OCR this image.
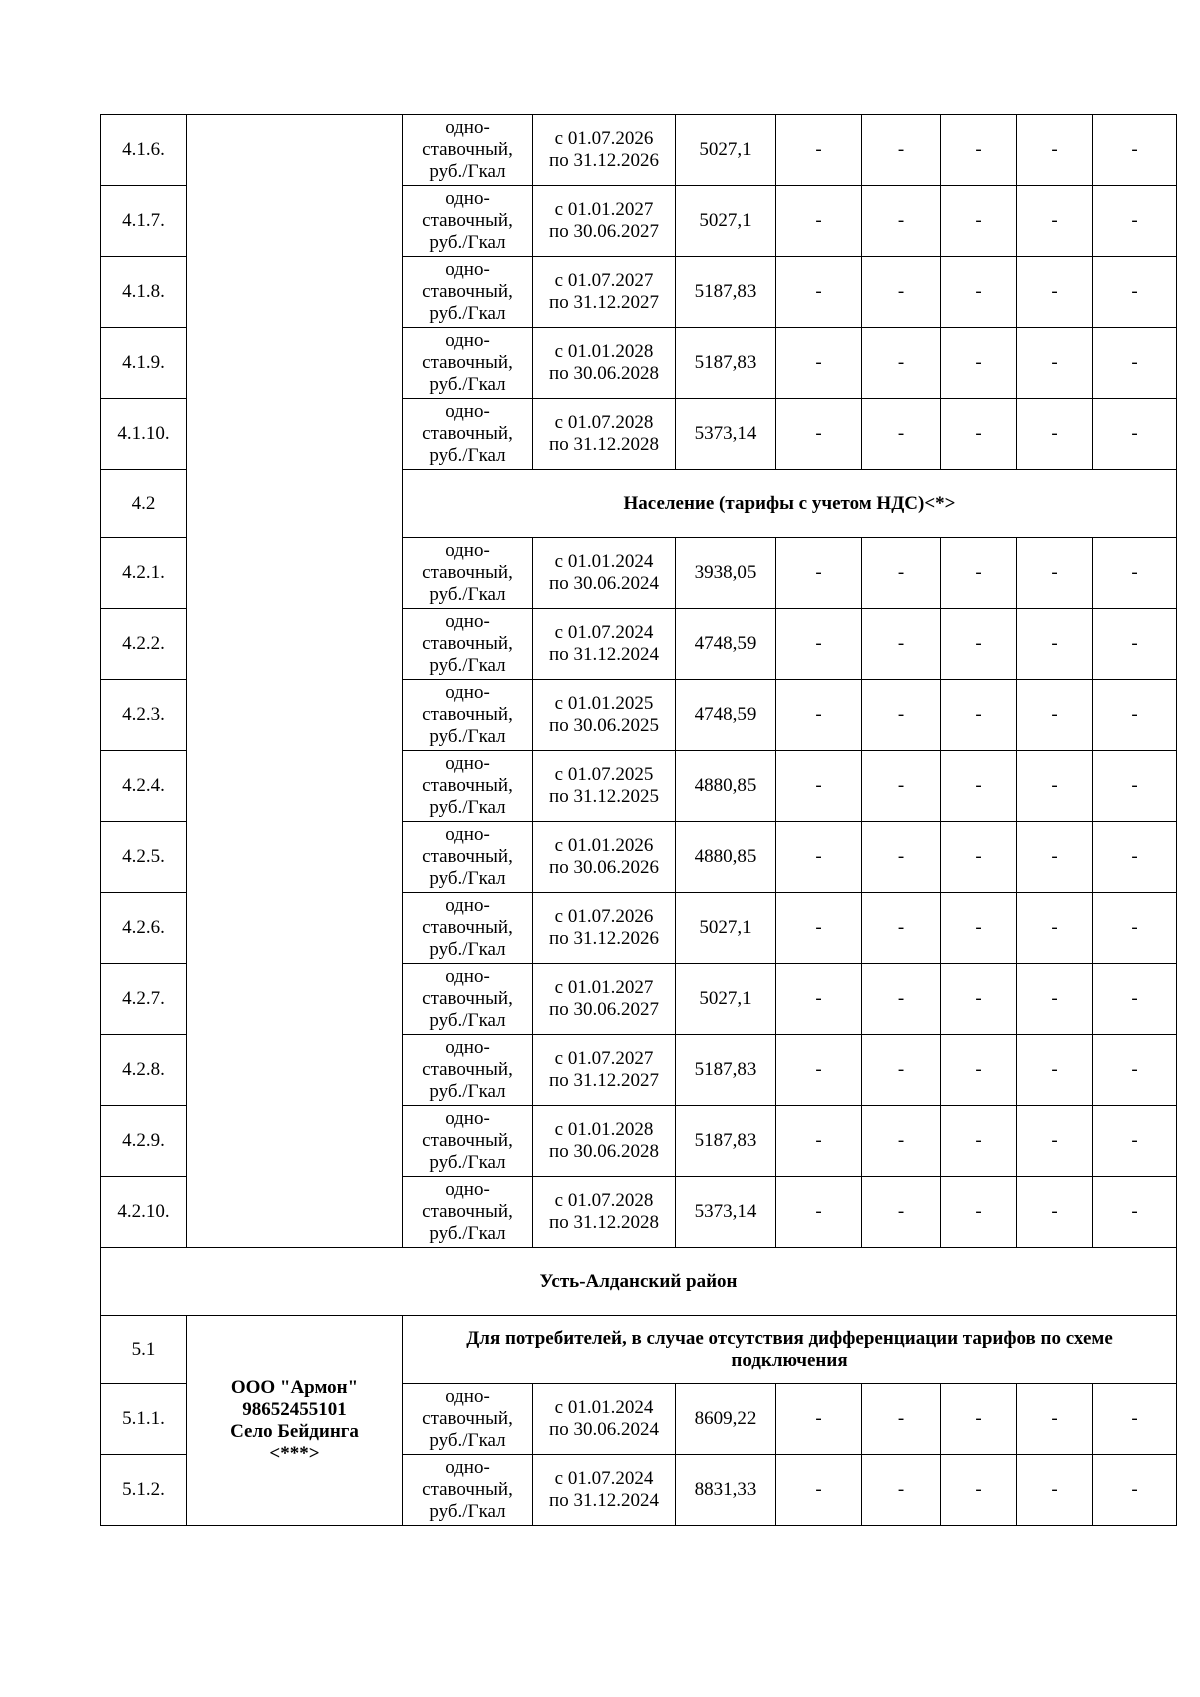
4.1.6.		одно-
ставочный,
руб./Гкал	с 01.07.2026
по 31.12.2026	5027,1	-	-	-	-	-
4.1.7.		одно-
ставочный,
руб./Гкал	с 01.01.2027
по 30.06.2027	5027,1	-	-	-	-	-
4.1.8.		одно-
ставочный,
руб./Гкал	с 01.07.2027
по 31.12.2027	5187,83	-	-	-	-	-
4.1.9.		одно-
ставочный,
руб./Гкал	с 01.01.2028
по 30.06.2028	5187,83	-	-	-	-	-
4.1.10.		одно-
ставочный,
руб./Гкал	с 01.07.2028
по 31.12.2028	5373,14	-	-	-	-	-
4.2		Население (тарифы с учетом НДС)<*>							
4.2.1.		одно-
ставочный,
руб./Гкал	с 01.01.2024
по 30.06.2024	3938,05	-	-	-	-	-
4.2.2.		одно-
ставочный,
руб./Гкал	с 01.07.2024
по 31.12.2024	4748,59	-	-	-	-	-
4.2.3.		одно-
ставочный,
руб./Гкал	с 01.01.2025
по 30.06.2025	4748,59	-	-	-	-	-
4.2.4.		одно-
ставочный,
руб./Гкал	с 01.07.2025
по 31.12.2025	4880,85	-	-	-	-	-
4.2.5.		одно-
ставочный,
руб./Гкал	с 01.01.2026
по 30.06.2026	4880,85	-	-	-	-	-
4.2.6.		одно-
ставочный,
руб./Гкал	с 01.07.2026
по 31.12.2026	5027,1	-	-	-	-	-
4.2.7.		одно-
ставочный,
руб./Гкал	с 01.01.2027
по 30.06.2027	5027,1	-	-	-	-	-
4.2.8.		одно-
ставочный,
руб./Гкал	с 01.07.2027
по 31.12.2027	5187,83	-	-	-	-	-
4.2.9.		одно-
ставочный,
руб./Гкал	с 01.01.2028
по 30.06.2028	5187,83	-	-	-	-	-
4.2.10.		одно-
ставочный,
руб./Гкал	с 01.07.2028
по 31.12.2028	5373,14	-	-	-	-	-
Усть-Алданский район									
5.1	ООО "Армон"
98652455101
Село Бейдинга
<***>	Для потребителей, в случае отсутствия дифференциации тарифов по схеме подключения							
5.1.1.		одно-
ставочный,
руб./Гкал	с 01.01.2024
по 30.06.2024	8609,22	-	-	-	-	-
5.1.2.		одно-
ставочный,
руб./Гкал	с 01.07.2024
по 31.12.2024	8831,33	-	-	-	-	-
